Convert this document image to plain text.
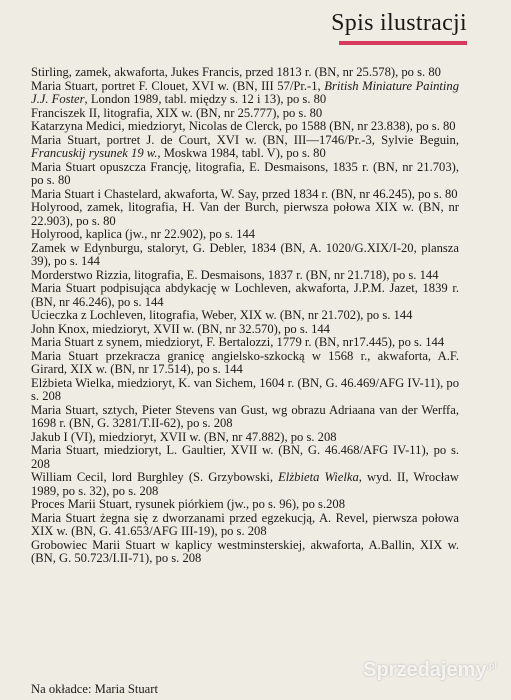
Spis ilustracji

Stirling, zamek, akwaforta, Jukes Francis, przed 1813 r. (BN, nr 25.578), po s. 80

Maria Stuart, portret F. Clouet, XVI w. (BN, III 57/Pr.-1, British Miniature Painting J.J. Foster, London 1989, tabl. między s. 12 i 13), po s. 80

Franciszek II, litografia, XIX w. (BN, nr 25.777), po s. 80

Katarzyna Medici, miedzioryt, Nicolas de Clerck, po 1588 (BN, nr 23.838), po s. 80

Maria Stuart, portret J. de Court, XVI w. (BN, III—1746/Pr.-3, Sylvie Beguin, Francuskij rysunek 19 w., Moskwa 1984, tabl. V), po s. 80

Maria Stuart opuszcza Francję, litografia, E. Desmaisons, 1835 r. (BN, nr 21.703), po s. 80

Maria Stuart i Chastelard, akwaforta, W. Say, przed 1834 r. (BN, nr 46.245), po s. 80

Holyrood, zamek, litografia, H. Van der Burch, pierwsza połowa XIX w. (BN, nr 22.903), po s. 80

Holyrood, kaplica (jw., nr 22.902), po s. 144

Zamek w Edynburgu, staloryt, G. Debler, 1834 (BN, A. 1020/G.XIX/I-20, plansza 39), po s. 144

Morderstwo Rizzia, litografia, E. Desmaisons, 1837 r. (BN, nr 21.718), po s. 144

Maria Stuart podpisująca abdykację w Lochleven, akwaforta, J.P.M. Jazet, 1839 r. (BN, nr 46.246), po s. 144

Ucieczka z Lochleven, litografia, Weber, XIX w. (BN, nr 21.702), po s. 144

John Knox, miedzioryt, XVII w. (BN, nr 32.570), po s. 144

Maria Stuart z synem, miedzioryt, F. Bertalozzi, 1779 r. (BN, nr17.445), po s. 144

Maria Stuart przekracza granicę angielsko-szkocką w 1568 r., akwaforta, A.F. Girard, XIX w. (BN, nr 17.514), po s. 144

Elżbieta Wielka, miedzioryt, K. van Sichem, 1604 r. (BN, G. 46.469/AFG IV-11), po s. 208

Maria Stuart, sztych, Pieter Stevens van Gust, wg obrazu Adriaana van der Werffa, 1698 r. (BN, G. 3281/T.II-62), po s. 208

Jakub I (VI), miedzioryt, XVII w. (BN, nr 47.882), po s. 208

Maria Stuart, miedzioryt, L. Gaultier, XVII w. (BN, G. 46.468/AFG IV-11), po s. 208

William Cecil, lord Burghley (S. Grzybowski, Elżbieta Wielka, wyd. II, Wrocław 1989, po s. 32), po s. 208

Proces Marii Stuart, rysunek piórkiem (jw., po s. 96), po s.208

Maria Stuart żegna się z dworzanami przed egzekucją, A. Revel, pierwsza połowa XIX w. (BN, G. 41.653/AFG III-19), po s. 208

Grobowiec Marii Stuart w kaplicy westminsterskiej, akwaforta, A.Ballin, XIX w. (BN, G. 50.723/I.II-71), po s. 208

Na okładce: Maria Stuart
Sprzedajemy$^{.pl}$
